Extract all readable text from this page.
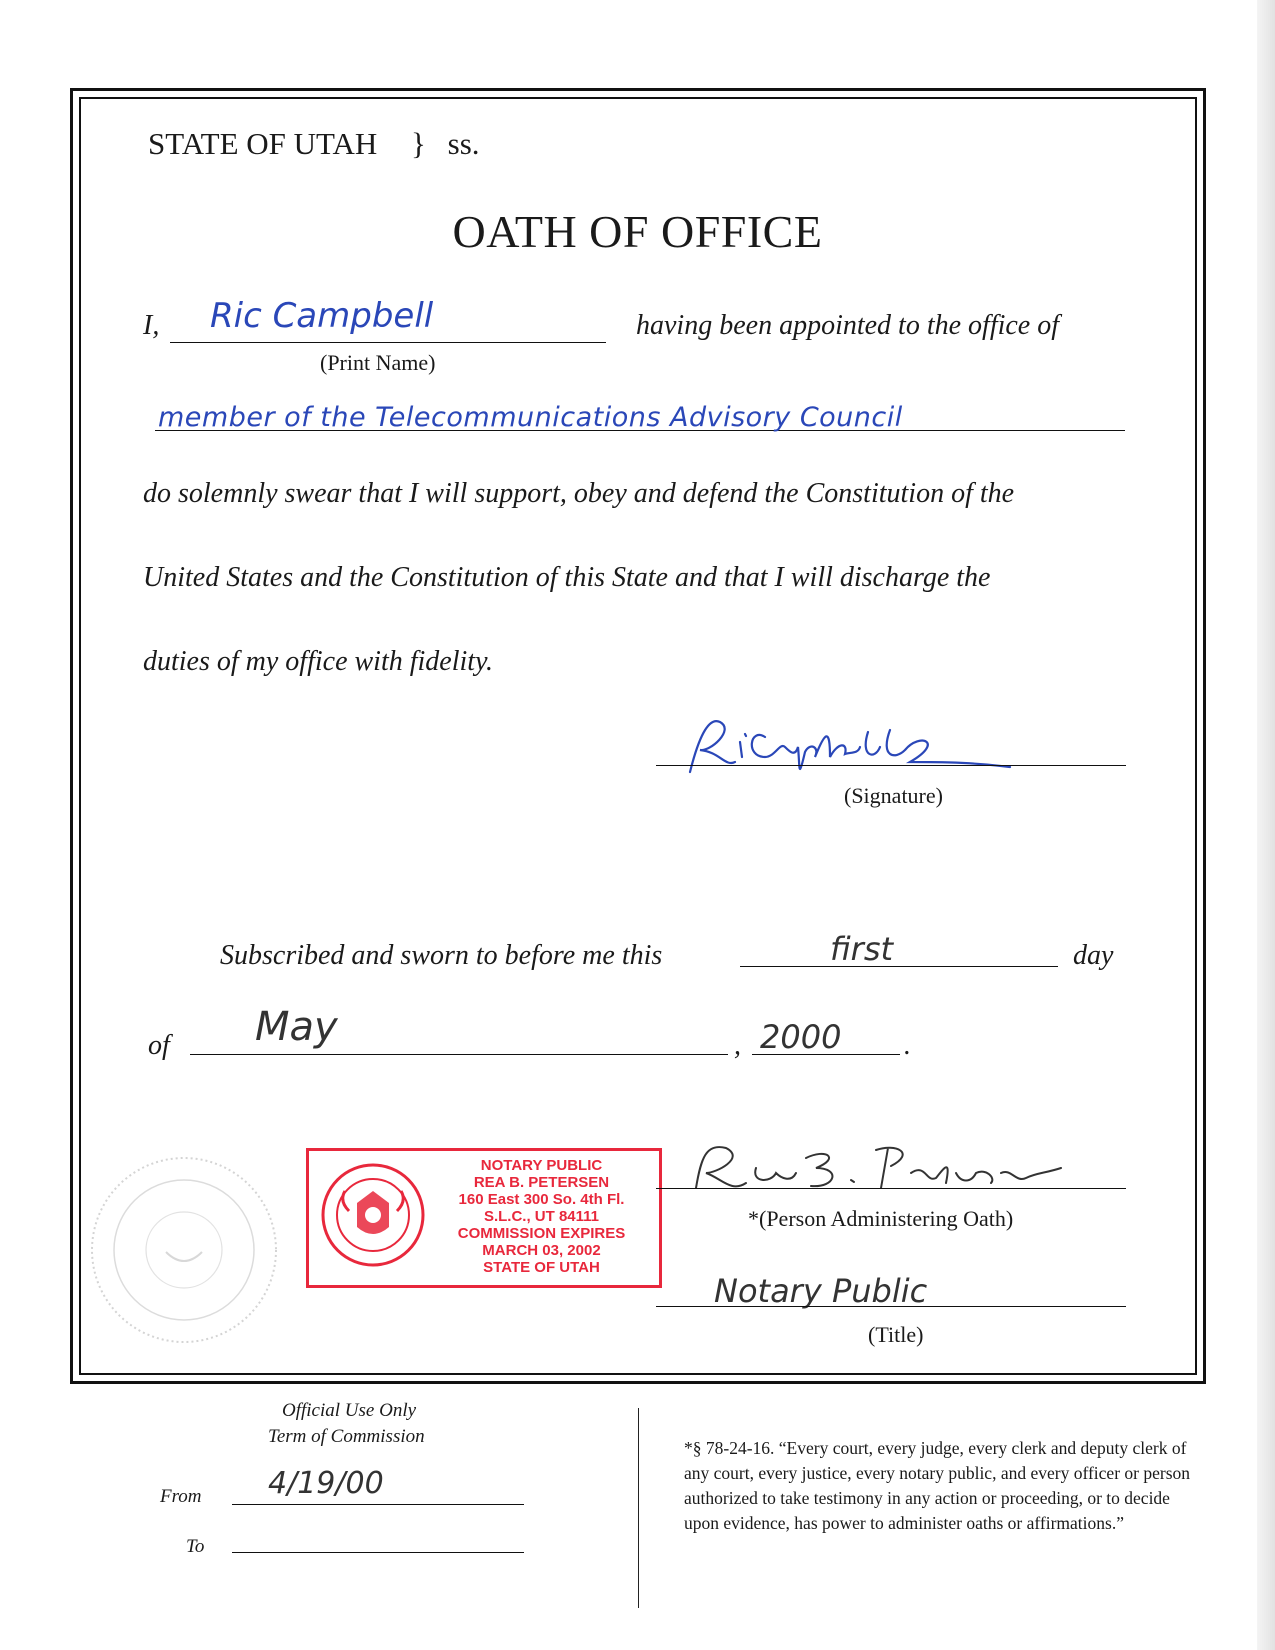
STATE OF UTAH } ss.
OATH OF OFFICE
I, Ric Campbell
(Print Name)
having been appointed to the office of
member of the Telecommunications Advisory Council
do solemnly swear that I will support, obey and defend the Constitution of the
United States and the Constitution of this State and that I will discharge the
duties of my office with fidelity.
(Signature)
Subscribed and sworn to before me this	first	day
of May	, 2000 .
NOTARY PUBLIC
REA B. PETERSEN
160 East 300 So. 4th Fl.
S.L.C., UT 84111
COMMISSION EXPIRES
MARCH 03, 2002
STATE OF UTAH
*(Person Administering Oath)
Notary Public
(Title)
Official Use Only
Term of Commission
From 4/19/00
To
*§ 78-24-16. “Every court, every judge, every clerk and deputy clerk of any court, every justice, every notary public, and every officer or person authorized to take testimony in any action or proceeding, or to decide upon evidence, has power to administer oaths or affirmations.”
